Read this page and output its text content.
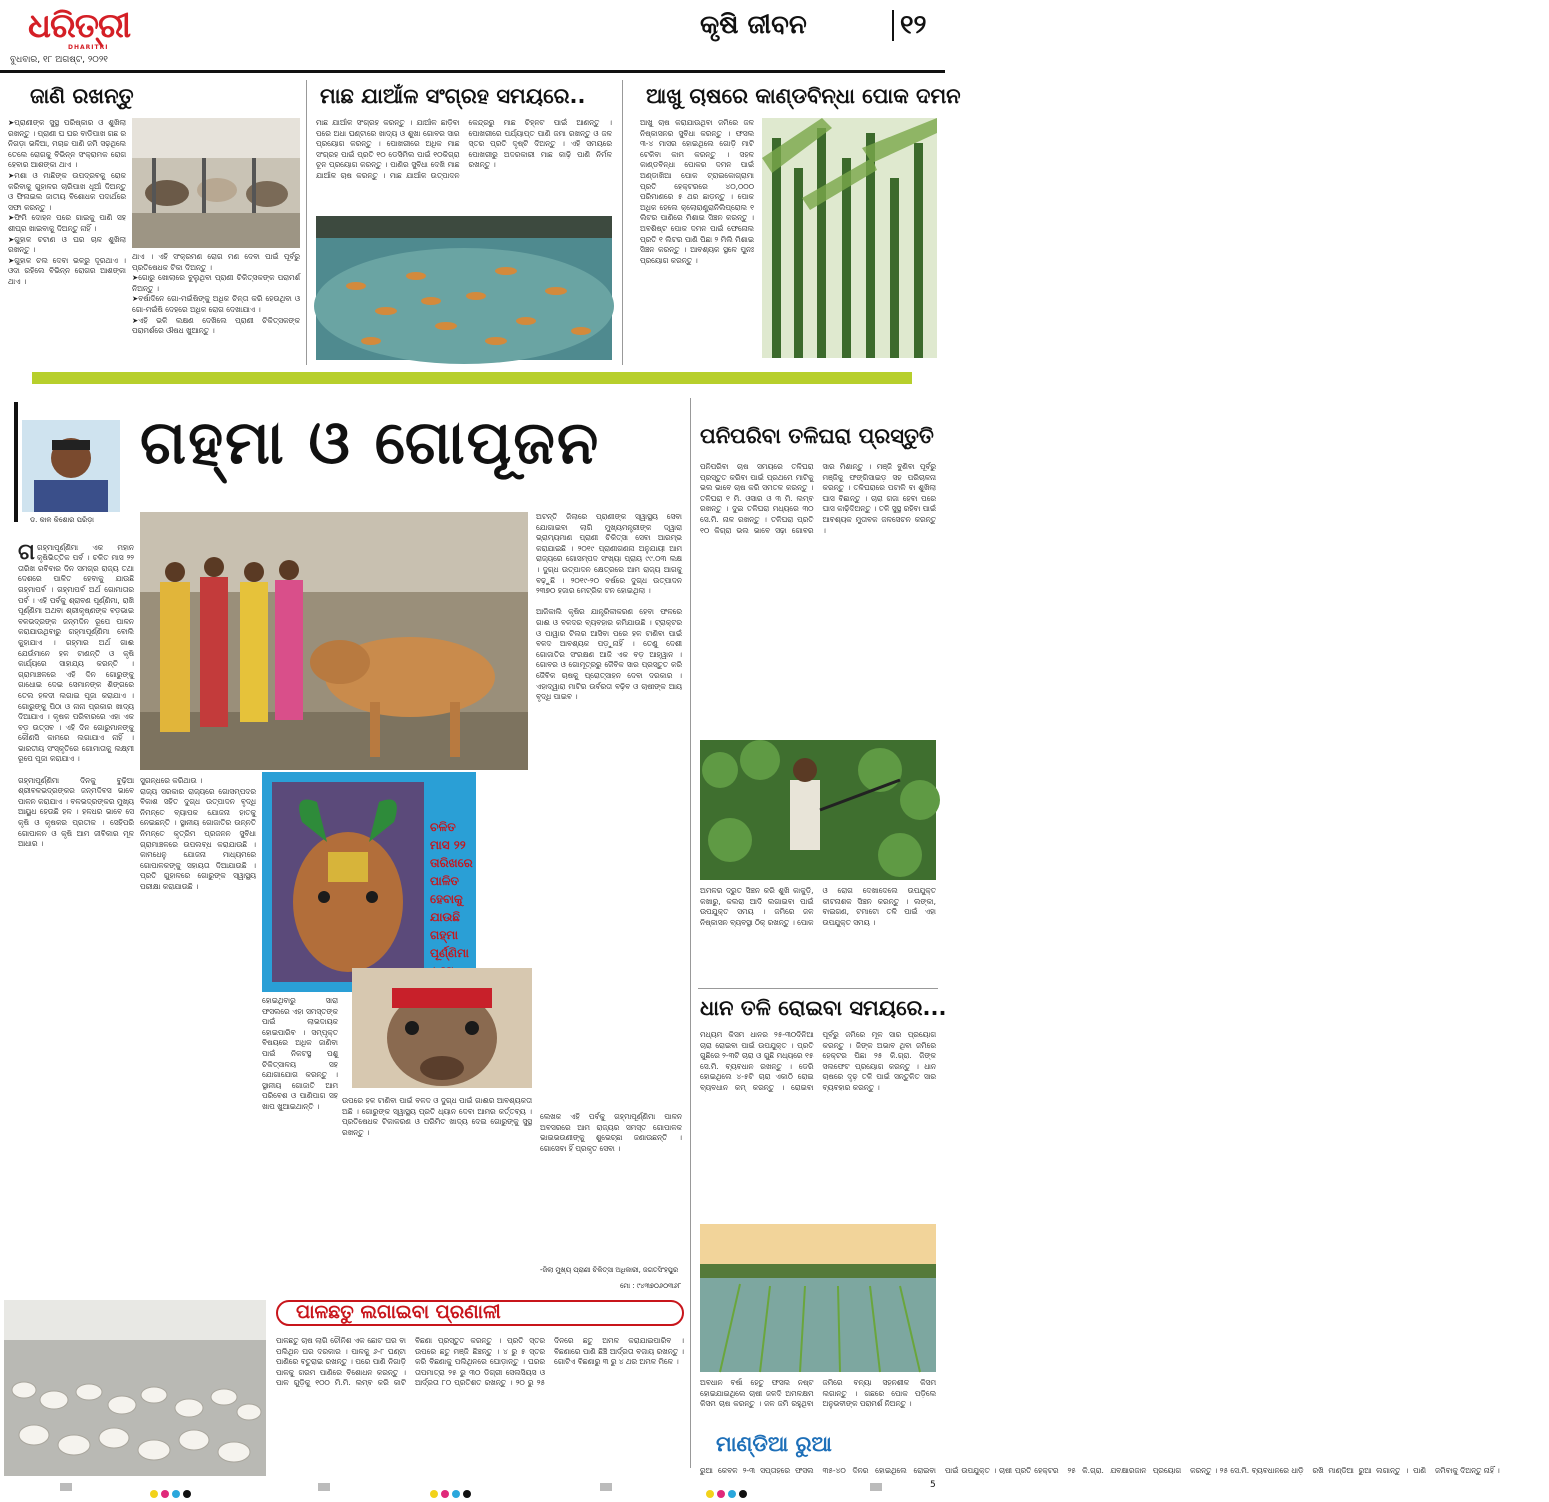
ଧରିତ୍ରୀ
DHARITRI
ବୁଧବାର, ୧୮ ଅଗଷ୍ଟ, ୨୦୨୧
କୃଷି ଜୀବନ	୧୨
ଜାଣି ରଖନ୍ତୁ
➤ପ୍ରାଣୀଙ୍କ ସୁସ୍ଥ ପରିଷ୍କାର ଓ ଶୁଖିଲା ରଖନ୍ତୁ । ପ୍ରାଣୀ ଘ ଘର ବାଡିପାଖ ଗଛ ର ନିଗଡ଼ା ଭଳିଆ, ମଚାଚ୍ଚ ପାଣି ଜମି ସଢ଼ଥିଲେ ତେଲେ ରୋଗକୁ ବିଭିନ୍ନ ସଂକ୍ରାମକ ରୋଗ ହେବାର ଆଶଙ୍କା ଥାଏ ।
➤ମଶା ଓ ମାଛିଙ୍କ ଉପଦ୍ରବକୁ ରୋକ କରିବାକୁ ଗୁହାଳର ଚାରିପାଖ ଧୂଆଁ ଦିଅନ୍ତୁ ଓ ଫିନାଇଲ ଜାତୀୟ ବିଶୋଧକ ପଦାର୍ଥରେ ସଫା କରନ୍ତୁ ।
➤ଫିମି ଦୋହନ ପରେ ଗାଇକୁ ପାଣି ସହ ଶୀଘ୍ର ଖାଇବାକୁ ଦିଅନ୍ତୁ ନାହିଁ ।
➤ଗୁହାଳ ଚଟାଣ ଓ ଘର ଚାଳ ଶୁଖିଲା ରଖନ୍ତୁ ।
➤ଗୁହାଳ ଚଲ ଦେବା ଭଳରୁ ଦୂରଥାଏ । ଓଦା ରହିଲେ ବିଭିନ୍ନ ରୋଗର ଆଶଙ୍କା ଥାଏ ।
ଥାଏ । ଏହି ସଂକ୍ରମଣ ରୋଗ ମଣ ଦେବା ପାଇଁ ପୂର୍ବରୁ ପ୍ରତିଷେଧକ ଟିକା ଦିଅନ୍ତୁ ।
➤ଗୋରୁ ଖୋଲାରେ ବୁଲୁଥିବା ପ୍ରାଣୀ ଚିକିତ୍ସକଙ୍କ ପରାମର୍ଶ ନିଅନ୍ତୁ ।
➤ବର୍ଷାଦିନେ ଗୋ-ମଇଁଷିଙ୍କୁ ଅଧିକ ଚିନ୍ତା କରି ହେଉଥିବା ଓ ଗୋ-ମଇଁଷି ଦେହରେ ଅଧିକ ରୋଗ ଦେଖାଯାଏ ।
➤ଏହି ଭଳି ଲକ୍ଷଣ ଦେଖିଲେ ପ୍ରାଣୀ ଚିକିତ୍ସକଙ୍କ ପରାମର୍ଶରେ ଔଷଧ ଖୁଆନ୍ତୁ ।
ମାଛ ଯାଆଁଳ ସଂଗ୍ରହ ସମୟରେ..
ମାଛ ଯାଆଁଳ ସଂଗ୍ରହ କରନ୍ତୁ । ଯାଆଁଳ ଛାଡ଼ିବା ପରେ ଅଧା ଘଣ୍ଟାରେ ଖାଦ୍ୟ ଓ ଶୁଖା ଗୋବର ସାର ପ୍ରୟୋଗ କରନ୍ତୁ । ପୋଖରୀରେ ଅଧିକ ମାଛ ସଂଗ୍ରହ ପାଇଁ ପ୍ରତି ୧୦ ଡେସିମିଲ ପାଇଁ ୧୦କିଗ୍ରା ଚୂନ ପ୍ରୟୋଗ କରନ୍ତୁ । ପାଣିର ସୁବିଧା ଦେଖି ମାଛ ଯାଆଁଳ ଚାଷ କରନ୍ତୁ । ମାଛ ଯାଆଁଳ ଉତ୍ପାଦନ କେନ୍ଦ୍ରରୁ ମାଛ ଚିହ୍ନଟ ପାଇଁ ଆଣନ୍ତୁ । ପୋଖରୀରେ ପର୍ଯ୍ୟାପ୍ତ ପାଣି ଜମା ରଖନ୍ତୁ ଓ ଜଳ ସ୍ତର ପ୍ରତି ଦୃଷ୍ଟି ଦିଅନ୍ତୁ । ଏହି ସମୟରେ ପୋଖରୀରୁ ଅଦରକାରୀ ମାଛ କାଢ଼ି ପାଣି ନିର୍ମଳ ରଖନ୍ତୁ ।
ଆଖୁ ଚାଷରେ କାଣ୍ଡବିନ୍ଧା ପୋକ ଦମନ
ଆଖୁ ଚାଷ କରାଯାଉଥିବା ଜମିରେ ଜଳ ନିଷ୍କାସନର ସୁବିଧା କରନ୍ତୁ । ଫସଲ ୩-୪ ମାସର ହୋଇଥିଲେ ଗୋଡ଼ି ମାଟି ଟେକିବା କାମ କରନ୍ତୁ । ସହଳ କାଣ୍ଡବିନ୍ଧା ପୋକର ଦମନ ପାଇଁ ଅଣ୍ଡାଖିଆ ପୋକ ଟ୍ରାଇକୋଗ୍ରାମା ପ୍ରତି ହେକ୍ଟରରେ ୪୦,୦୦୦ ପରିମାଣରେ ୫ ଥର ଛାଡ଼ନ୍ତୁ । ପୋକ ଅଧିକ ହେଲେ କ୍ଲୋରାଣ୍ଟ୍ରାନିଲିପ୍ରୋଲ ୧ ଲିଟର ପାଣିରେ ମିଶାଇ ସିଞ୍ଚନ କରନ୍ତୁ । ଅବଶିଷ୍ଟ ପୋକ ଦମନ ପାଇଁ ଫେନୋଲ ପ୍ରତି ୧ ଲିଟର ପାଣି ପିଛା ୨ ମିଲି ମିଶାଇ ସିଞ୍ଚନ କରନ୍ତୁ । ଆବଶ୍ୟକ ସ୍ଥଳେ ପୁନଃ ପ୍ରୟୋଗ କରନ୍ତୁ ।
ଡ. କାଳ କିଶୋର ପରିଡ଼ା
ଗହ୍ମା ଓ ଗୋପୂଜନ

ଗଗହ୍ମାପୂର୍ଣ୍ଣିମା ଏକ ମହାନ କୃଷିଭିତ୍ତିକ ପର୍ବ । ଚଳିତ ମାସ ୨୨ ତାରିଖ ରବିବାର ଦିନ ସମଗ୍ର ରାଜ୍ୟ ତଥା ଦେଶରେ ପାଳିତ ହେବାକୁ ଯାଉଛି ଗହ୍ମାପର୍ବ । ଗହ୍ମାପର୍ବ ଅର୍ଥ ଗୋମାତାର ପର୍ବ । ଏହି ପର୍ବକୁ ଶ୍ରାବଣ ପୂର୍ଣ୍ଣିମା, ରାଖି ପୂର୍ଣ୍ଣିମା ଅଥବା ଶ୍ରୀକୃଷ୍ଣଙ୍କ ବଡ଼ଭାଇ ବଳଭଦ୍ରଙ୍କ ଜନ୍ମଦିନ ରୂପେ ପାଳନ କରାଯାଉଥିବାରୁ ଗହ୍ମାପୂର୍ଣ୍ଣିମା ବୋଲି କୁହାଯାଏ । ଗହ୍ମାର ଅର୍ଥ ଗାଈ ଯେଉଁମାନେ ହଳ ଟାଣନ୍ତି ଓ କୃଷି କାର୍ଯ୍ୟରେ ସାହାଯ୍ୟ କରନ୍ତି । ଗ୍ରାମାଞ୍ଚଳରେ ଏହି ଦିନ ଗୋରୁଙ୍କୁ ଗାଧୋଇ ଦେଇ ସେମାନଙ୍କ ଶିଙ୍ଗରେ ତେଲ ହଳଦୀ ଲଗାଇ ପୂଜା କରାଯାଏ । ଗୋରୁଙ୍କୁ ପିଠା ଓ ନାନା ପ୍ରକାର ଖାଦ୍ୟ ଦିଆଯାଏ । କୃଷକ ପରିବାରରେ ଏହା ଏକ ବଡ଼ ଉତ୍ସବ । ଏହି ଦିନ ଗୋରୁମାନଙ୍କୁ କୌଣସି କାମରେ ଲଗାଯାଏ ନାହିଁ । ଭାରତୀୟ ସଂସ୍କୃତିରେ ଗୋମାତାକୁ ଲକ୍ଷ୍ମୀ ରୂପେ ପୂଜା କରାଯାଏ ।

ଗହ୍ମାପୂର୍ଣ୍ଣିମା ଦିନକୁ ବୁଢ଼ିଆ ଶ୍ରୀବଳଭଦ୍ରଙ୍କର ଜନ୍ମଦିବସ ଭାବେ ପାଳନ କରାଯାଏ । ବଳଭଦ୍ରଙ୍କର ମୁଖ୍ୟ ଆୟୁଧ ହେଉଛି ହଳ । ହଳଧର ଭାବେ ସେ କୃଷି ଓ କୃଷକର ପ୍ରତୀକ । ସେହିପରି ଗୋପାଳନ ଓ କୃଷି ଆମ ଜୀବିକାର ମୂଳ ଆଧାର ।

ସୁଗନ୍ଧରେ କରିଥାଉ ।
ରାଜ୍ୟ ସରକାର ରାଜ୍ୟରେ ଗୋସମ୍ପଦର ବିକାଶ ସହିତ ଦୁଗ୍ଧ ଉତ୍ପାଦନ ବୃଦ୍ଧି ନିମନ୍ତେ ବ୍ୟାପକ ଯୋଜନା ହାତକୁ ନେଇଛନ୍ତି । ସ୍ଥାନୀୟ ଗୋଜାତିର ଉନ୍ନତି ନିମନ୍ତେ କୃତ୍ରିମ ପ୍ରଜନନ ସୁବିଧା ଗ୍ରାମାଞ୍ଚଳରେ ଉପଲବ୍ଧ କରାଯାଉଛି । କାମଧେନୁ ଯୋଜନା ମାଧ୍ୟମରେ ଗୋପାଳକଙ୍କୁ ସହାୟତା ଦିଆଯାଉଛି । ପ୍ରତି ଗୁହାଳରେ ଗୋରୁଙ୍କ ସ୍ୱାସ୍ଥ୍ୟ ପରୀକ୍ଷା କରାଯାଉଛି ।
ଚଳିତ ମାସ ୨୨ ତାରିଖରେ ପାଳିତ ହେବାକୁ ଯାଉଛି ଗହ୍ମା ପୂର୍ଣ୍ଣିମା
ହୋଇଥିବାରୁ ସାରା ଫସଲରେ ଏହା ସମସ୍ତଙ୍କ ପାଇଁ ଲାଭଦାୟକ ହୋଇପାରିବ । ସମ୍ପୃକ୍ତ ବିଷୟରେ ଅଧିକ ଜାଣିବା ପାଇଁ ନିକଟସ୍ଥ ପଶୁ ଚିକିତ୍ସାଳୟ ସହ ଯୋଗାଯୋଗ କରନ୍ତୁ । ସ୍ଥାନୀୟ ଗୋଜାତି ଆମ ପରିବେଶ ଓ ପାଣିପାଗ ସହ ଖାପ ଖୁଆଇଥାନ୍ତି ।
ଉପରେ ହଳ ଟାଣିବା ପାଇଁ ବଳଦ ଓ ଦୁଗ୍ଧ ପାଇଁ ଗାଈର ଆବଶ୍ୟକତା ଅଛି । ଗୋରୁଙ୍କ ସ୍ୱାସ୍ଥ୍ୟ ପ୍ରତି ଧ୍ୟାନ ଦେବା ଆମର କର୍ତ୍ତବ୍ୟ । ପ୍ରତିଷେଧକ ଟିକାକରଣ ଓ ପରିମିତ ଖାଦ୍ୟ ଦେଇ ଗୋରୁଙ୍କୁ ସୁସ୍ଥ ରଖନ୍ତୁ ।
ଅଟନ୍ତି ଜିଲାରେ ପ୍ରାଣୀଙ୍କ ସ୍ୱାସ୍ଥ୍ୟ ସେବା ଯୋଗାଇବା ଲାଗି ମୁଖ୍ୟମନ୍ତ୍ରୀଙ୍କ ଦ୍ୱାରା ଭ୍ରାମ୍ୟମାଣ ପ୍ରାଣୀ ଚିକିତ୍ସା ସେବା ଆରମ୍ଭ କରାଯାଇଛି । ୨୦୧୯ ପ୍ରାଣୀଗଣନା ଅନୁଯାୟୀ ଆମ ରାଜ୍ୟରେ ଗୋସମ୍ପଦ ସଂଖ୍ୟା ପ୍ରାୟ ୯୯.୦୩ ଲକ୍ଷ । ଦୁଗ୍ଧ ଉତ୍ପାଦନ କ୍ଷେତ୍ରରେ ଆମ ରାଜ୍ୟ ଆଗକୁ ବଢ଼ୁଛି । ୨୦୧୯-୨୦ ବର୍ଷରେ ଦୁଗ୍ଧ ଉତ୍ପାଦନ ୨୩୭୦ ହଜାର ମେଟ୍ରିକ ଟନ ହୋଇଥିଲା ।

ଆଜିକାଲି କୃଷିର ଯାନ୍ତ୍ରିକୀକରଣ ହେବା ଫଳରେ ଗାଈ ଓ ବଳଦର ବ୍ୟବହାର କମିଯାଉଛି । ଟ୍ରାକ୍ଟର ଓ ପାୱାର ଟିଲର ଆସିବା ପରେ ହଳ ଟାଣିବା ପାଇଁ ବଳଦ ଆବଶ୍ୟକ ପଡ଼ୁନାହିଁ । ତେଣୁ ଦେଶୀ ଗୋଜାତିର ସଂରକ୍ଷଣ ଆଜି ଏକ ବଡ଼ ଆହ୍ୱାନ । ଗୋବର ଓ ଗୋମୂତ୍ରରୁ ଜୈବିକ ସାର ପ୍ରସ୍ତୁତ କରି ଜୈବିକ ଚାଷକୁ ପ୍ରୋତ୍ସାହନ ଦେବା ଦରକାର । ଏହାଦ୍ୱାରା ମାଟିର ଉର୍ବରତା ବଢ଼ିବ ଓ ଚାଷୀଙ୍କ ଆୟ ବୃଦ୍ଧି ପାଇବ ।
ଲେଖକ ଏହି ପର୍ବକୁ ଗହ୍ମାପୂର୍ଣ୍ଣିମା ପାଳନ ଅବସରରେ ଆମ ରାଜ୍ୟର ସମସ୍ତ ଗୋପାଳକ ଭାଇଭଉଣୀଙ୍କୁ ଶୁଭେଚ୍ଛା ଜଣାଉଛନ୍ତି । ଗୋସେବା ହିଁ ପ୍ରକୃତ ସେବା ।
-ଜିଲା ମୁଖ୍ୟ ପ୍ରାଣୀ ଚିକିତ୍ସା ଅଧିକାରୀ, ଜଗତସିଂହପୁର
ମୋ : ୯୪୩୭୦୬୦୩୬୮
ପନିପରିବା ତଳିଘରା ପ୍ରସ୍ତୁତି
ପନିପରିବା ଚାଷ ସମୟରେ ତଳିଘରା ପ୍ରସ୍ତୁତ କରିବା ପାଇଁ ପ୍ରଥମେ ମାଟିକୁ ଭଲ ଭାବେ ଚାଷ କରି ସମତଳ କରନ୍ତୁ । ତଳିଘରା ୧ ମି. ଓସାର ଓ ୩ ମି. ଲମ୍ବ ରଖନ୍ତୁ । ଦୁଇ ତଳିଘରା ମଧ୍ୟରେ ୩୦ ସେ.ମି. ନାଳ ରଖନ୍ତୁ । ତଳିଘରା ପ୍ରତି ୧୦ କିଗ୍ରା ଭଲ ଭାବେ ସଢ଼ା ଗୋବର ସାର ମିଶାନ୍ତୁ । ମଞ୍ଜି ବୁଣିବା ପୂର୍ବରୁ ମଞ୍ଜିକୁ ଫଙ୍ଗିସାଇଡ଼ ସହ ପରିଚାଳନା କରନ୍ତୁ । ତଳିଘରାରେ ପଟାଳି ବା ଶୁଖିଲା ଘାସ ବିଛାନ୍ତୁ । ଚାରା ଗଜା ହେବା ପରେ ଘାସ କାଢ଼ିଦିଅନ୍ତୁ । ତଳି ସୁସ୍ଥ ରହିବା ପାଇଁ ଆବଶ୍ୟକ ମୁତାବକ ଜଳସେଚନ କରନ୍ତୁ ।
ଅମଳର ଦ୍ରୁତ ସିଞ୍ଚନ କରି ଶୁଖି କାକୁଡ଼ି, କଖାରୁ, କଲରା ଆଦି ଲଗାଇବା ପାଇଁ ଉପଯୁକ୍ତ ସମୟ । ଜମିରେ ଜଳ ନିଷ୍କାସନ ବ୍ୟବସ୍ଥା ଠିକ୍ ରଖନ୍ତୁ । ପୋକ ଓ ରୋଗ ଦେଖାଦେଲେ ଉପଯୁକ୍ତ କୀଟନାଶକ ସିଞ୍ଚନ କରନ୍ତୁ । ଲଙ୍କା, ବାଇଗଣ, ଟମାଟୋ ତଳି ପାଇଁ ଏହା ଉପଯୁକ୍ତ ସମୟ ।
ଧାନ ତଳି ରୋଇବା ସମୟରେ...
ମଧ୍ୟମ କିସମ ଧାନର ୨୫-୩୦ଦିନିଆ ଚାରା ରୋଇବା ପାଇଁ ଉପଯୁକ୍ତ । ପ୍ରତି ଗୁଛିରେ ୨-୩ଟି ଚାରା ଓ ଗୁଛି ମଧ୍ୟରେ ୧୫ ସେ.ମି. ବ୍ୟବଧାନ ରଖନ୍ତୁ । ଡେରି ହୋଇଥିଲେ ୪-୫ଟି ଚାରା ଏକାଠି ରୋଇ ବ୍ୟବଧାନ କମ୍ କରନ୍ତୁ । ରୋଇବା ପୂର୍ବରୁ ଜମିରେ ମୂଳ ସାର ପ୍ରୟୋଗ କରନ୍ତୁ । ଜିଙ୍କ ଅଭାବ ଥିବା ଜମିରେ ହେକ୍ଟର ପିଛା ୨୫ କି.ଗ୍ରା. ଜିଙ୍କ ସଲଫେଟ ପ୍ରୟୋଗ କରନ୍ତୁ । ଧାନ ଚାଷରେ ଦୃଢ଼ ତଳି ପାଇଁ ସନ୍ତୁଳିତ ସାର ବ୍ୟବହାର କରନ୍ତୁ ।
ଅବଧାନ ବର୍ଷା ହେତୁ ଫସଲ ନଷ୍ଟ ହୋଇଯାଇଥିଲେ ଚାଷୀ ଜଳଦି ଅମଳକ୍ଷମ କିସମ ଚାଷ କରନ୍ତୁ । ଜଳ ଜମି ରହୁଥିବା ଜମିରେ ବନ୍ୟା ସହନଶୀଳ କିସମ ଲଗାନ୍ତୁ । ଗଛରେ ପୋକ ପଡ଼ିଲେ ଅନୁଭବୀଙ୍କ ପରାମର୍ଶ ନିଅନ୍ତୁ ।
ମାଣ୍ଡିଆ ରୁଆ
ରୁଆ କେବଳ ୨-୩ ସପ୍ତାହରେ ଫସଲ ୩୫-୪୦ ଦିନର ହୋଇଥିଲେ ରୋଇବା ପାଇଁ ଉପଯୁକ୍ତ । ଚାଷୀ ପ୍ରତି ହେକ୍ଟର ୨୫ କି.ଗ୍ରା. ଯବକ୍ଷାରଜାନ ପ୍ରୟୋଗ କରନ୍ତୁ । ୨୫ ସେ.ମି. ବ୍ୟବଧାନରେ ଧାଡ଼ି ରଖି ମାଣ୍ଡିଆ ରୁଆ ଲଗାନ୍ତୁ । ପାଣି ଜମିବାକୁ ଦିଅନ୍ତୁ ନାହିଁ ।
ପାଳଛତୁ ଲଗାଇବା ପ୍ରଣାଳୀ
ପାଳଛତୁ ଚାଷ ଲାଗି ଚୌନିଶ ଏକ ଛୋଟ ଘର ବା ପଲିଥିନ ଘର ଦରକାର । ପାଳକୁ ୬-୮ ଘଣ୍ଟା ପାଣିରେ ବତୁରାଇ ରଖନ୍ତୁ । ପରେ ପାଣି ନିଗାଡ଼ି ପାଳକୁ ଗରମ ପାଣିରେ ବିଶୋଧନ କରନ୍ତୁ । ପାଳ ଗୁଡ଼ିକୁ ୧୦୦ ମି.ମି. ଲମ୍ବ କରି କାଟି ବିଛଣା ପ୍ରସ୍ତୁତ କରନ୍ତୁ । ପ୍ରତି ସ୍ତର ଉପରେ ଛତୁ ମଞ୍ଜି ଛିଞ୍ଚନ୍ତୁ । ୪ ରୁ ୫ ସ୍ତର କରି ବିଛଣାକୁ ପଲିଥିନରେ ଘୋଡ଼ାନ୍ତୁ । ଘରର ତାପମାତ୍ରା ୨୫ ରୁ ୩୦ ଡିଗ୍ରୀ ସେଲସିୟସ ଓ ଆର୍ଦ୍ରତା ୮୦ ପ୍ରତିଶତ ରଖନ୍ତୁ । ୨୦ ରୁ ୨୫ ଦିନରେ ଛତୁ ଅମଳ କରାଯାଇପାରିବ । ବିଛଣାରେ ପାଣି ଛିଞ୍ଚି ଆର୍ଦ୍ରତା ବଜାୟ ରଖନ୍ତୁ । ଗୋଟିଏ ବିଛଣାରୁ ୩ ରୁ ୪ ଥର ଅମଳ ମିଳେ ।
5
